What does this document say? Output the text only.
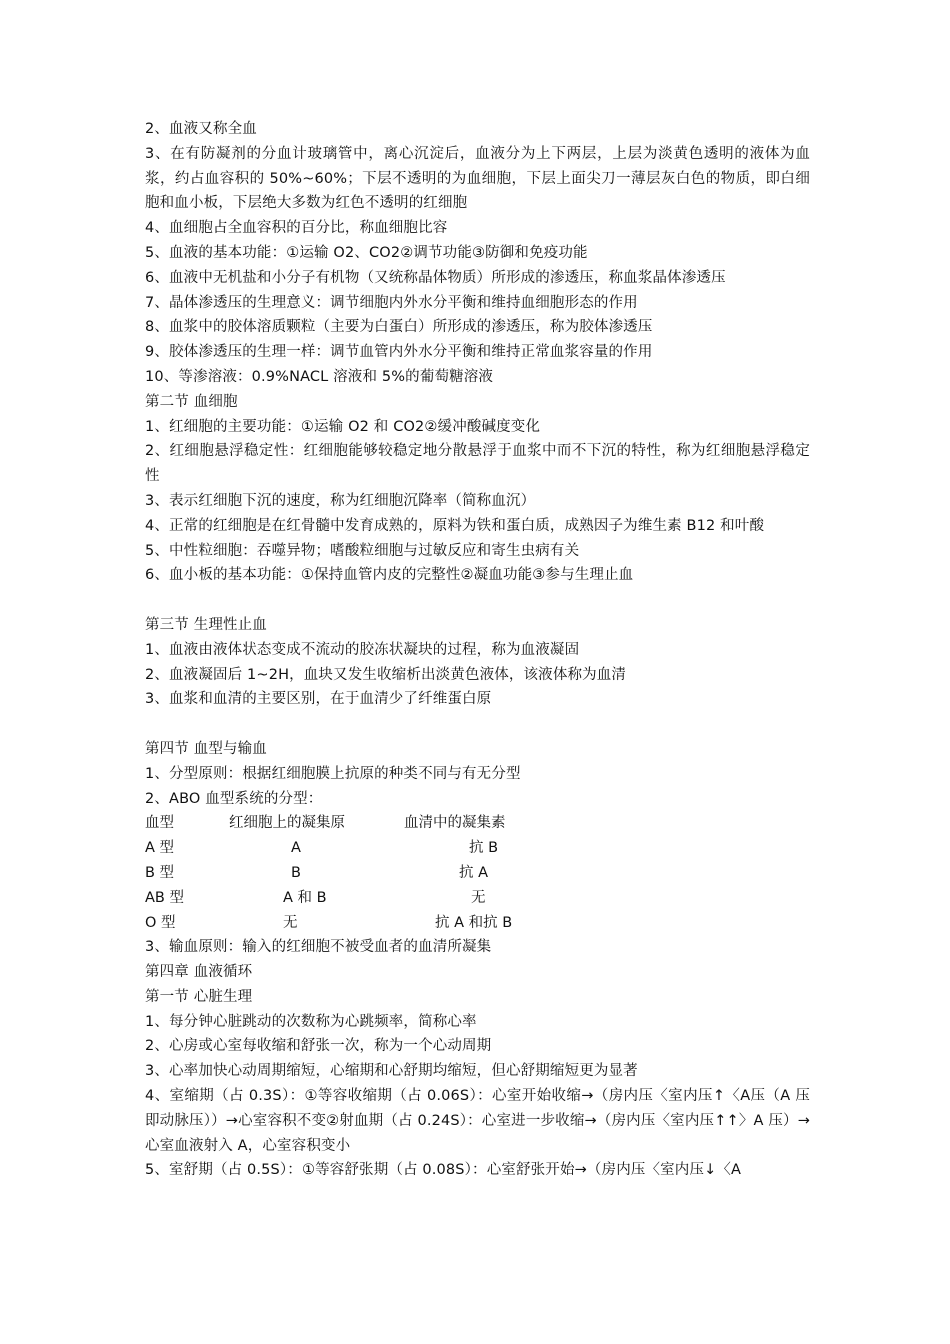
2、血液又称全血
3、在有防凝剂的分血计玻璃管中，离心沉淀后，血液分为上下两层，上层为淡黄色透明的液体为血浆，约占血容积的 50%~60%；下层不透明的为血细胞，下层上面尖刀一薄层灰白色的物质，即白细胞和血小板，下层绝大多数为红色不透明的红细胞
4、血细胞占全血容积的百分比，称血细胞比容
5、血液的基本功能：①运输 O2、CO2②调节功能③防御和免疫功能
6、血液中无机盐和小分子有机物（又统称晶体物质）所形成的渗透压，称血浆晶体渗透压
7、晶体渗透压的生理意义：调节细胞内外水分平衡和维持血细胞形态的作用
8、血浆中的胶体溶质颗粒（主要为白蛋白）所形成的渗透压，称为胶体渗透压
9、胶体渗透压的生理一样：调节血管内外水分平衡和维持正常血浆容量的作用
10、等渗溶液：0.9%NACL 溶液和 5%的葡萄糖溶液
第二节 血细胞
1、红细胞的主要功能：①运输 O2 和 CO2②缓冲酸碱度变化
2、红细胞悬浮稳定性：红细胞能够较稳定地分散悬浮于血浆中而不下沉的特性，称为红细胞悬浮稳定性
3、表示红细胞下沉的速度，称为红细胞沉降率（简称血沉）
4、正常的红细胞是在红骨髓中发育成熟的，原料为铁和蛋白质，成熟因子为维生素 B12 和叶酸
5、中性粒细胞：吞噬异物；嗜酸粒细胞与过敏反应和寄生虫病有关
6、血小板的基本功能：①保持血管内皮的完整性②凝血功能③参与生理止血
第三节 生理性止血
1、血液由液体状态变成不流动的胶冻状凝块的过程，称为血液凝固
2、血液凝固后 1~2H，血块又发生收缩析出淡黄色液体，该液体称为血清
3、血浆和血清的主要区别，在于血清少了纤维蛋白原
第四节 血型与输血
1、分型原则：根据红细胞膜上抗原的种类不同与有无分型
2、ABO 血型系统的分型：
血型	红细胞上的凝集原	血清中的凝集素
A 型	A	抗 B
B 型	B	抗 A
AB 型	A 和 B	无
O 型	无	抗 A 和抗 B
3、输血原则：输入的红细胞不被受血者的血清所凝集
第四章 血液循环
第一节 心脏生理
1、每分钟心脏跳动的次数称为心跳频率，简称心率
2、心房或心室每收缩和舒张一次，称为一个心动周期
3、心率加快心动周期缩短，心缩期和心舒期均缩短，但心舒期缩短更为显著
4、室缩期（占 0.3S）：①等容收缩期（占 0.06S）：心室开始收缩→（房内压〈室内压↑〈A压（A 压即动脉压））→心室容积不变②射血期（占 0.24S）：心室进一步收缩→（房内压〈室内压↑↑〉A 压）→心室血液射入 A，心室容积变小
5、室舒期（占 0.5S）：①等容舒张期（占 0.08S）：心室舒张开始→（房内压〈室内压↓〈A
